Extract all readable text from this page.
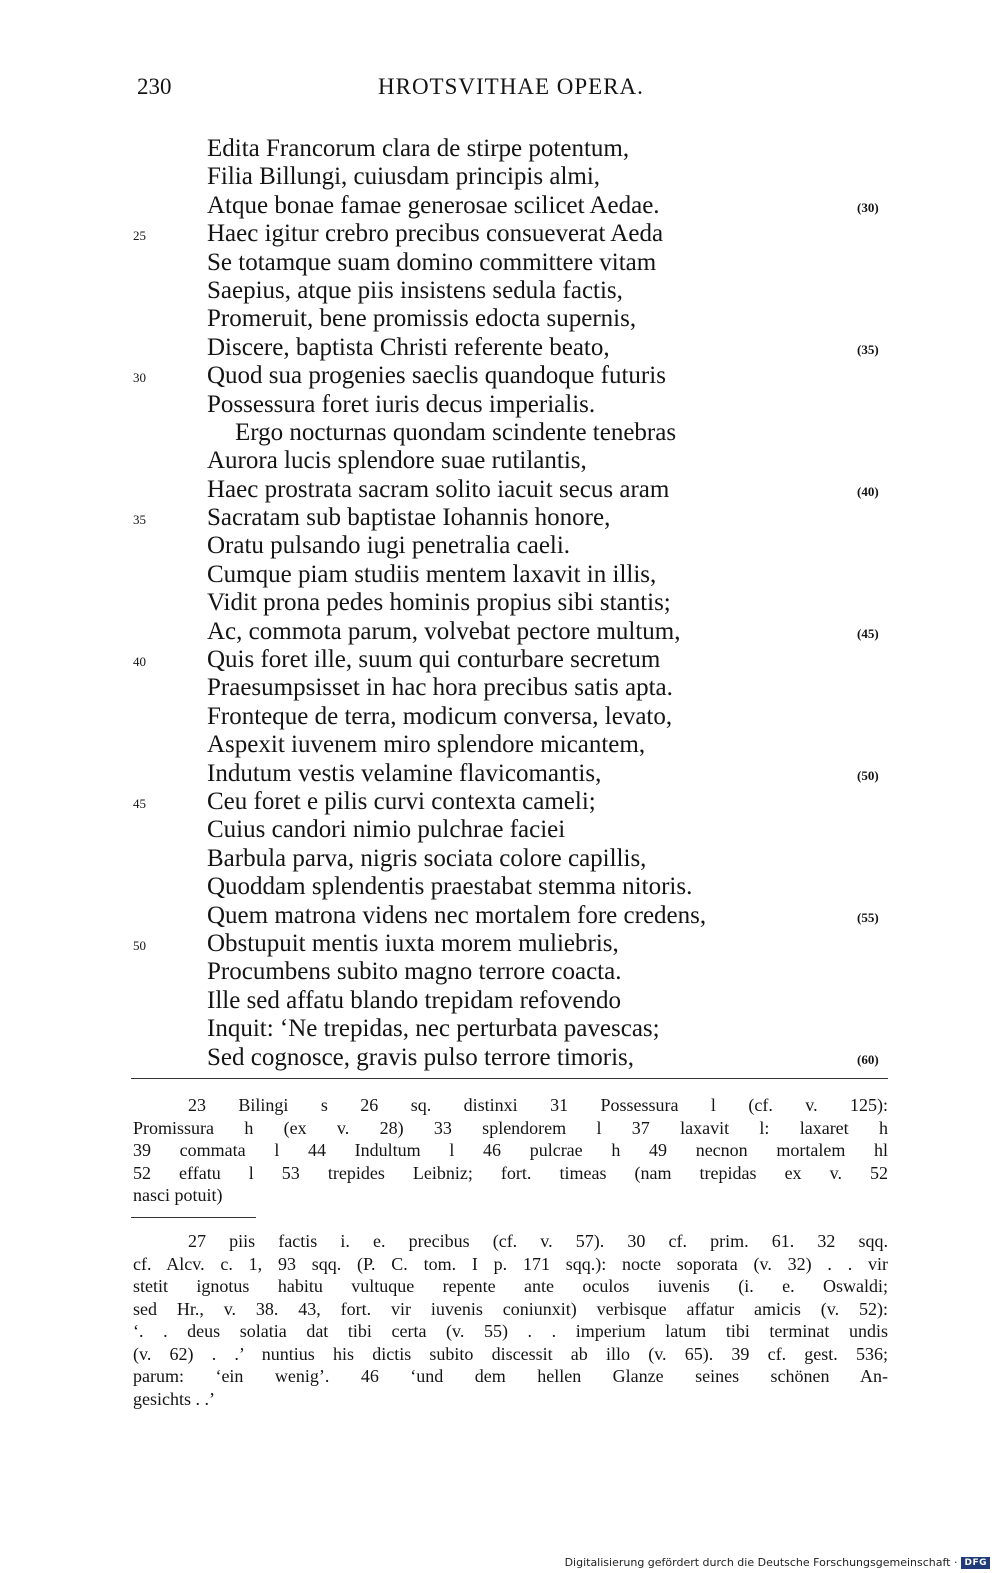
230	HROTSVITHAE OPERA.
Edita Francorum clara de stirpe potentum,
Filia Billungi, cuiusdam principis almi,
Atque bonae famae generosae scilicet Aedae.	(30)
25 Haec igitur crebro precibus consueverat Aeda
Se totamque suam domino committere vitam
Saepius, atque piis insistens sedula factis,
Promeruit, bene promissis edocta supernis,
Discere, baptista Christi referente beato,	(35)
30 Quod sua progenies saeclis quandoque futuris
Possessura foret iuris decus imperialis.
Ergo nocturnas quondam scindente tenebras
Aurora lucis splendore suae rutilantis,
Haec prostrata sacram solito iacuit secus aram	(40)
35 Sacratam sub baptistae Iohannis honore,
Oratu pulsando iugi penetralia caeli.
Cumque piam studiis mentem laxavit in illis,
Vidit prona pedes hominis propius sibi stantis;
Ac, commota parum, volvebat pectore multum,	(45)
40 Quis foret ille, suum qui conturbare secretum
Praesumpsisset in hac hora precibus satis apta.
Fronteque de terra, modicum conversa, levato,
Aspexit iuvenem miro splendore micantem,
Indutum vestis velamine flavicomantis,	(50)
45 Ceu foret e pilis curvi contexta cameli;
Cuius candori nimio pulchrae faciei
Barbula parva, nigris sociata colore capillis,
Quoddam splendentis praestabat stemma nitoris.
Quem matrona videns nec mortalem fore credens,	(55)
50 Obstupuit mentis iuxta morem muliebris,
Procumbens subito magno terrore coacta.
Ille sed affatu blando trepidam refovendo
Inquit: ‘Ne trepidas, nec perturbata pavescas;
Sed cognosce, gravis pulso terrore timoris,	(60)
23 Bilingi s 26 sq. distinxi 31 Possessura l (cf. v. 125):
Promissura h (ex v. 28) 33 splendorem l 37 laxavit l: laxaret h
39 commata l 44 Indultum l 46 pulcrae h 49 necnon mortalem hl
52 effatu l 53 trepides Leibniz; fort. timeas (nam trepidas ex v. 52
nasci potuit)
27 piis factis i. e. precibus (cf. v. 57). 30 cf. prim. 61. 32 sqq.
cf. Alcv. c. 1, 93 sqq. (P. C. tom. I p. 171 sqq.): nocte soporata (v. 32) . . vir
stetit ignotus habitu vultuque repente ante oculos iuvenis (i. e. Oswaldi;
sed Hr., v. 38. 43, fort. vir iuvenis coniunxit) verbisque affatur amicis (v. 52):
‘. . deus solatia dat tibi certa (v. 55) . . imperium latum tibi terminat undis
(v. 62) . .’ nuntius his dictis subito discessit ab illo (v. 65). 39 cf. gest. 536;
parum: ‘ein wenig’. 46 ‘und dem hellen Glanze seines schönen An-
gesichts . .’
Digitalisierung gefördert durch die Deutsche Forschungsgemeinschaft · DFG
